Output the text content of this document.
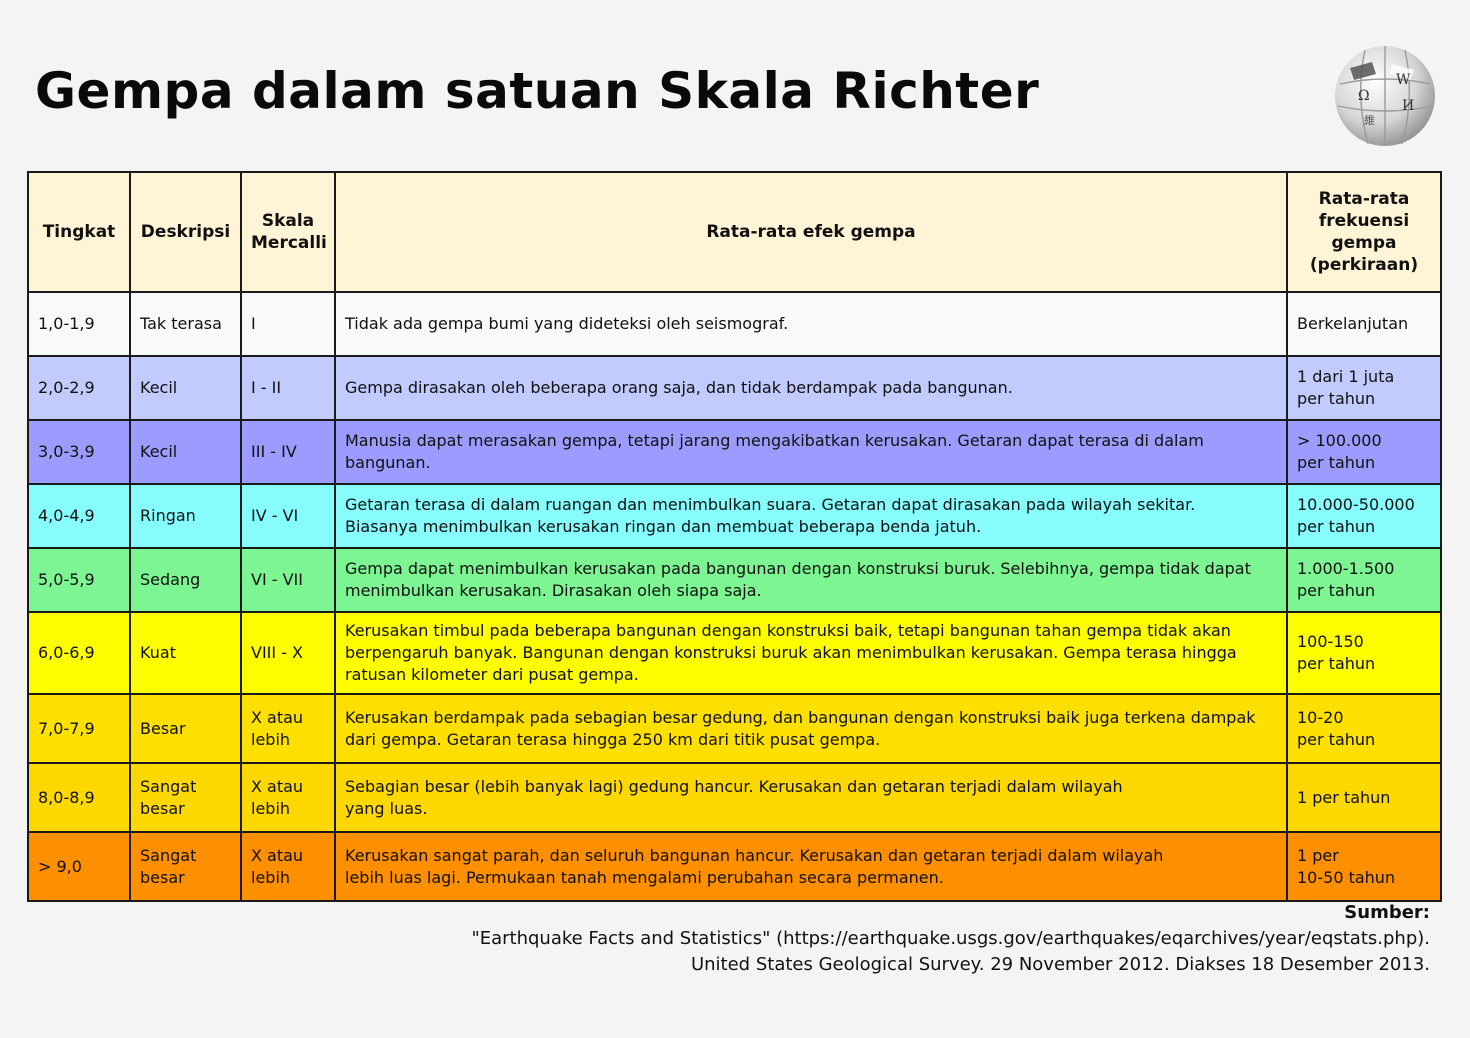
Gempa dalam satuan Skala Richter	W
Ω
И
維
Tingkat	Deskripsi	Skala
Mercalli	Rata-rata efek gempa	Rata-rata
frekuensi
gempa
(perkiraan)

1,0-1,9	Tak terasa	I	Tidak ada gempa bumi yang dideteksi oleh seismograf.	Berkelanjutan

2,0-2,9	Kecil	I - II	Gempa dirasakan oleh beberapa orang saja, dan tidak berdampak pada bangunan.	1 dari 1 juta
per tahun

3,0-3,9	Kecil	III - IV	Manusia dapat merasakan gempa, tetapi jarang mengakibatkan kerusakan. Getaran dapat terasa di dalam bangunan.	> 100.000
per tahun

4,0-4,9	Ringan	IV - VI	Getaran terasa di dalam ruangan dan menimbulkan suara. Getaran dapat dirasakan pada wilayah sekitar.
Biasanya menimbulkan kerusakan ringan dan membuat beberapa benda jatuh.	10.000-50.000
per tahun

5,0-5,9	Sedang	VI - VII	Gempa dapat menimbulkan kerusakan pada bangunan dengan konstruksi buruk. Selebihnya, gempa tidak dapat menimbulkan kerusakan. Dirasakan oleh siapa saja.	1.000-1.500
per tahun

6,0-6,9	Kuat	VIII - X	Kerusakan timbul pada beberapa bangunan dengan konstruksi baik, tetapi bangunan tahan gempa tidak akan berpengaruh banyak. Bangunan dengan konstruksi buruk akan menimbulkan kerusakan. Gempa terasa hingga ratusan kilometer dari pusat gempa.	100-150
per tahun

7,0-7,9	Besar	X atau
lebih	Kerusakan berdampak pada sebagian besar gedung, dan bangunan dengan konstruksi baik juga terkena dampak dari gempa. Getaran terasa hingga 250 km dari titik pusat gempa.	10-20
per tahun

8,0-8,9	Sangat
besar	X atau
lebih	Sebagian besar (lebih banyak lagi) gedung hancur. Kerusakan dan getaran terjadi dalam wilayah
yang luas.	1 per tahun

> 9,0	Sangat
besar	X atau
lebih	Kerusakan sangat parah, dan seluruh bangunan hancur. Kerusakan dan getaran terjadi dalam wilayah
lebih luas lagi. Permukaan tanah mengalami perubahan secara permanen.	1 per
10-50 tahun
Sumber:
"Earthquake Facts and Statistics" (https://earthquake.usgs.gov/earthquakes/eqarchives/year/eqstats.php).
United States Geological Survey. 29 November 2012. Diakses 18 Desember 2013.
